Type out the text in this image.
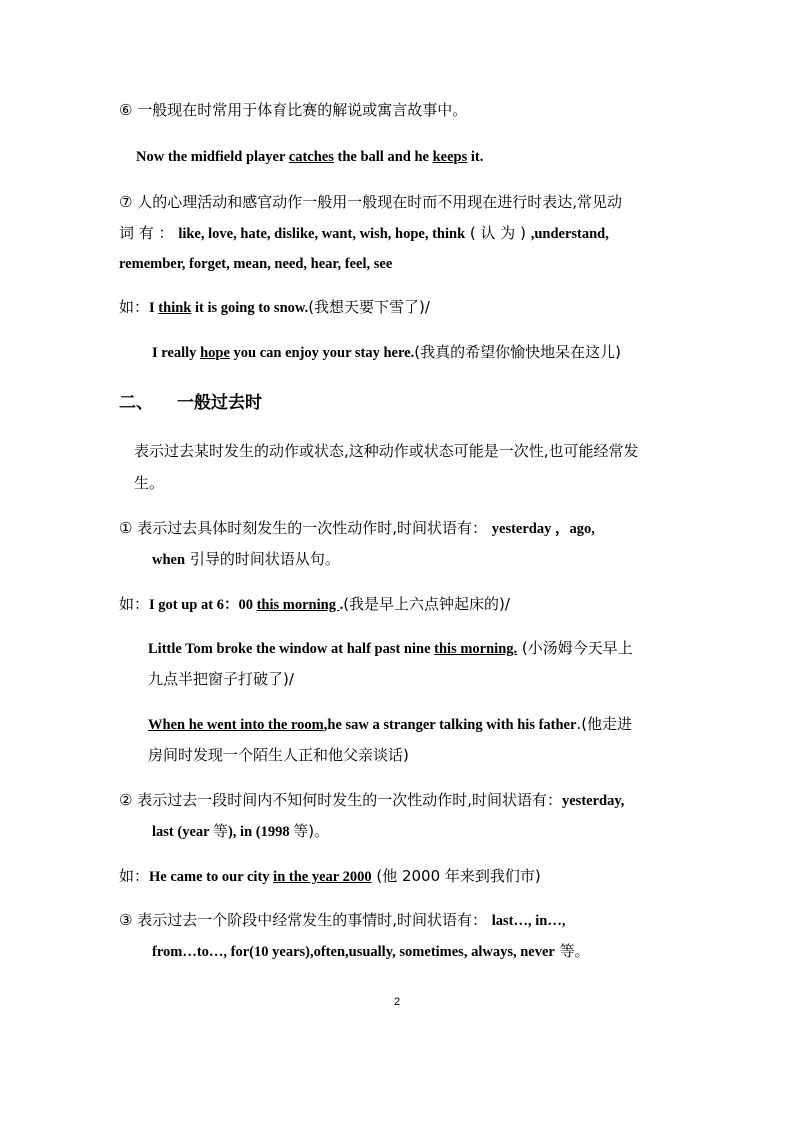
⑥ 一般现在时常用于体育比赛的解说或寓言故事中。
Now the midfield player catches the ball and he keeps it.
⑦ 人的心理活动和感官动作一般用一般现在时而不用现在进行时表达,常见动
词 有 ： like, love, hate, dislike, want, wish, hope, think ( 认 为 ) ,understand,
remember, forget, mean, need, hear, feel, see
如：I think it is going to snow.(我想天要下雪了)/
I really hope you can enjoy your stay here.(我真的希望你愉快地呆在这儿)
二、 一般过去时
表示过去某时发生的动作或状态,这种动作或状态可能是一次性,也可能经常发
生。
① 表示过去具体时刻发生的一次性动作时,时间状语有： yesterday ，ago,
when 引导的时间状语从句。
如：I got up at 6：00 this morning .(我是早上六点钟起床的)/
Little Tom broke the window at half past nine this morning. (小汤姆今天早上
九点半把窗子打破了)/
When he went into the room,he saw a stranger talking with his father.(他走进
房间时发现一个陌生人正和他父亲谈话)
② 表示过去一段时间内不知何时发生的一次性动作时,时间状语有：yesterday,
last (year 等), in (1998 等)。
如：He came to our city in the year 2000 (他 2000 年来到我们市)
③ 表示过去一个阶段中经常发生的事情时,时间状语有： last…, in…,
from…to…, for(10 years),often,usually, sometimes, always, never 等。
2
